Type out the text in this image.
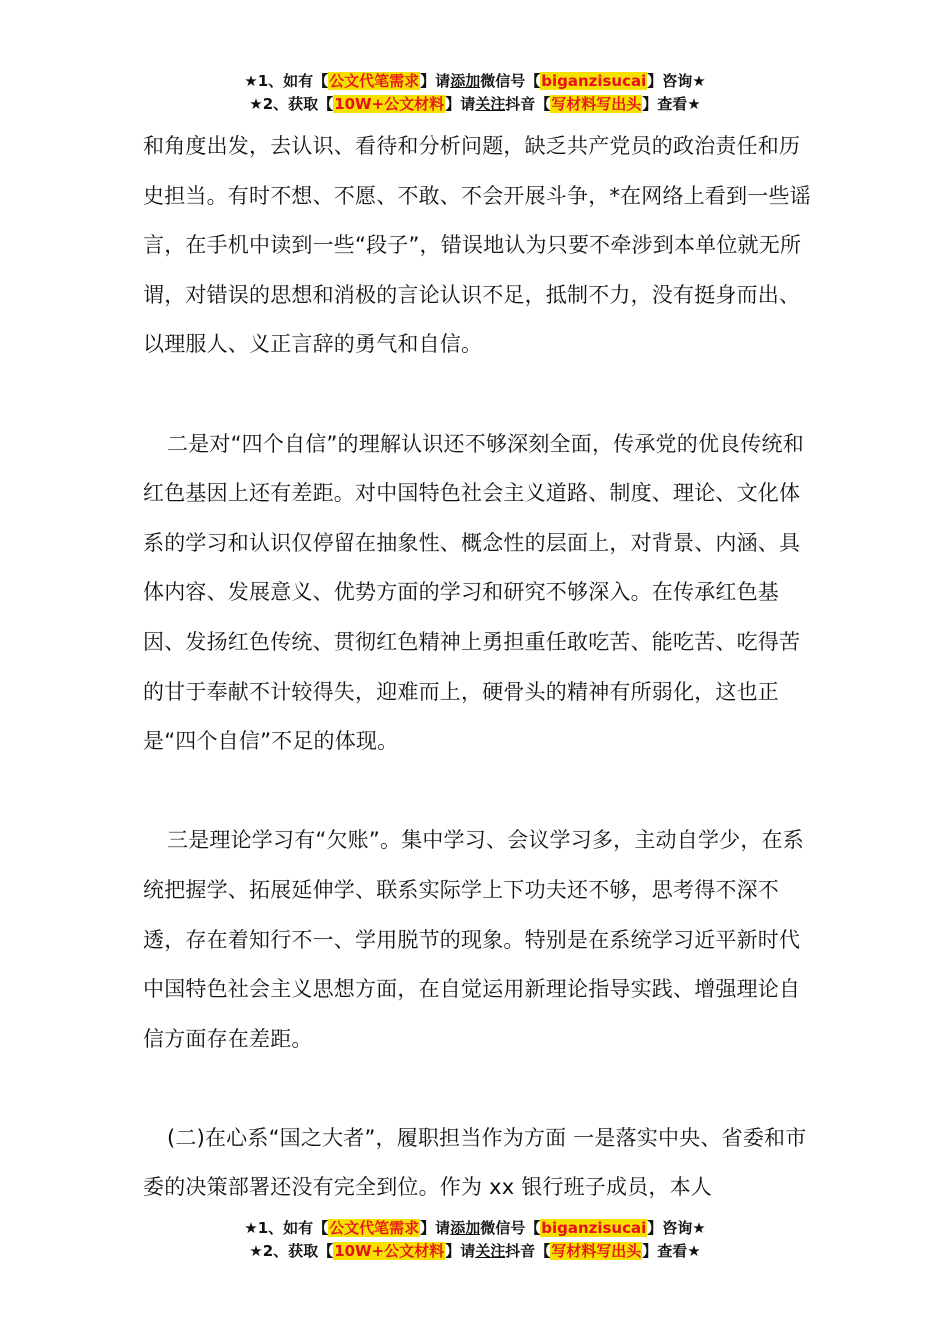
★1、如有【公文代笔需求】请添加微信号【biganzisucai】咨询★
★2、获取【10W+公文材料】请关注抖音【写材料写出头】查看★

和角度出发，去认识、看待和分析问题，缺乏共产党员的政治责任和历史担当。有时不想、不愿、不敢、不会开展斗争，*在网络上看到一些谣言，在手机中读到一些“段子”，错误地认为只要不牵涉到本单位就无所谓，对错误的思想和消极的言论认识不足，抵制不力，没有挺身而出、以理服人、义正言辞的勇气和自信。

二是对“四个自信”的理解认识还不够深刻全面，传承党的优良传统和红色基因上还有差距。对中国特色社会主义道路、制度、理论、文化体系的学习和认识仅停留在抽象性、概念性的层面上，对背景、内涵、具体内容、发展意义、优势方面的学习和研究不够深入。在传承红色基因、发扬红色传统、贯彻红色精神上勇担重任敢吃苦、能吃苦、吃得苦的甘于奉献不计较得失，迎难而上，硬骨头的精神有所弱化，这也正是“四个自信”不足的体现。

三是理论学习有“欠账”。集中学习、会议学习多，主动自学少，在系统把握学、拓展延伸学、联系实际学上下功夫还不够，思考得不深不透，存在着知行不一、学用脱节的现象。特别是在系统学习近平新时代中国特色社会主义思想方面，在自觉运用新理论指导实践、增强理论自信方面存在差距。

(二)在心系“国之大者”，履职担当作为方面 一是落实中央、省委和市委的决策部署还没有完全到位。作为 xx 银行班子成员，本人

★1、如有【公文代笔需求】请添加微信号【biganzisucai】咨询★
★2、获取【10W+公文材料】请关注抖音【写材料写出头】查看★
